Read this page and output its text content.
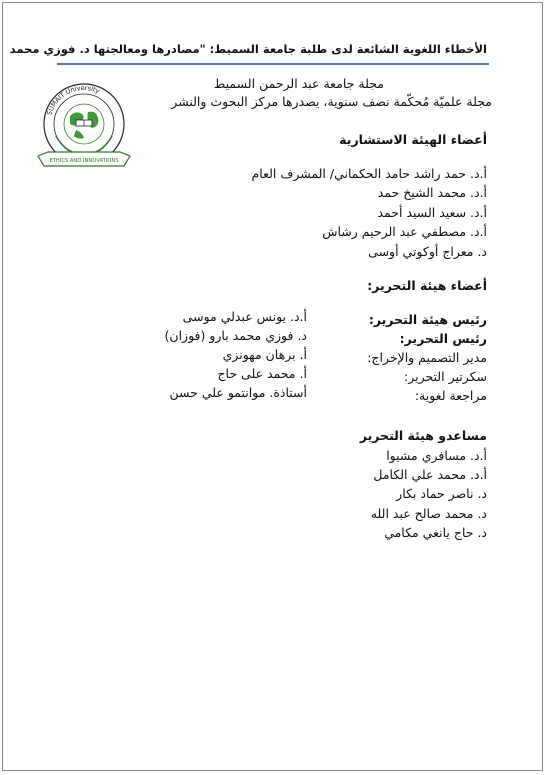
الأخطاء اللغوية الشائعة لدى طلبة جامعة السميط: "مصادرها ومعالجتها د. فوزي محمد
SUMAIT University
ETHICS AND INNOVATIONS
مجلة جامعة عبد الرحمن السميط
مجلة علميّة مُحكّمة نصف سنوية، يصدرها مركز البحوث والنشر
أعضاء الهيئة الاستشارية
أ.د. حمد راشد حامد الحكماني/ المشرف العام
أ.د. محمد الشيخ حمد
أ.د. سعيد السيد أحمد
أ.د. مصطفي عبد الرحيم رشاش
د. معراج أوكوتي أوسى
أعضاء هيئة التحرير:
رئيس هيئة التحرير:
أ.د. يونس عبدلي موسى
رئيس التحرير:
د. فوزي محمد بارو (فوزان)
مدير التصميم والإخراج:
أ. برهان مهونزي
سكرتير التحرير:
أ. محمد على حاج
مراجعة لغوية:
أستاذة. موانتمو علي حسن
مساعدو هيئة التحرير
أ.د. مسافري مشيوا
أ.د. محمد علي الكامل
د. ناصر حماد بكار
د. محمد صالح عبد الله
د. حاج يانغي مكامي
